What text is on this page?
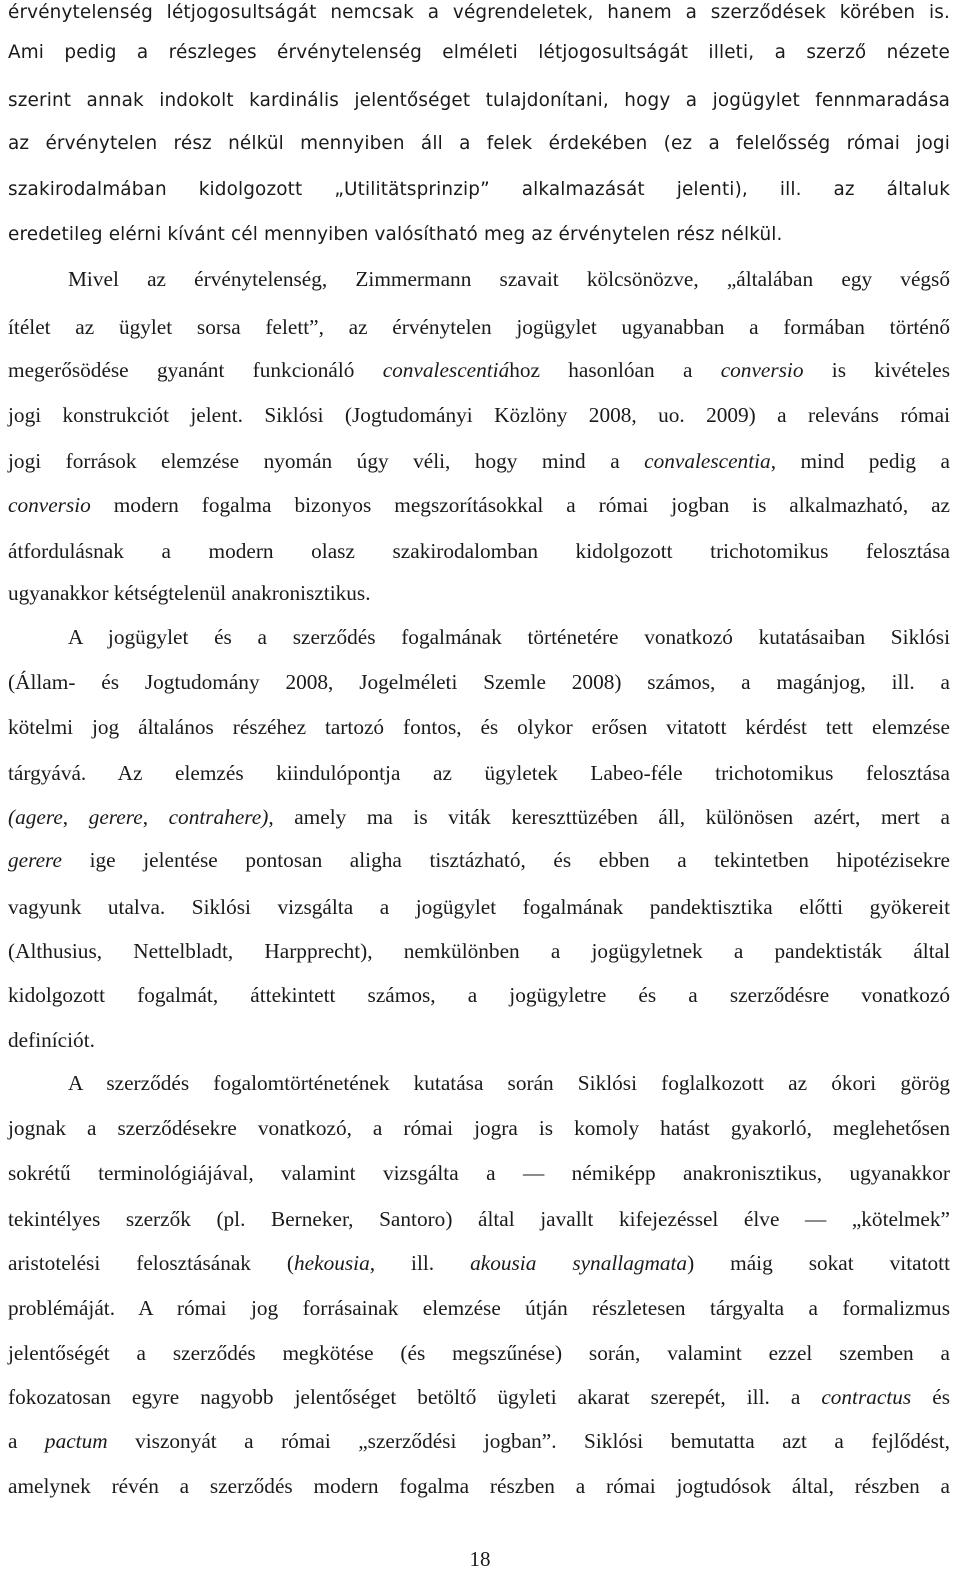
érvénytelenség létjogosultságát nemcsak a végrendeletek, hanem a szerződések körében is.
Ami pedig a részleges érvénytelenség elméleti létjogosultságát illeti, a szerző nézete
szerint annak indokolt kardinális jelentőséget tulajdonítani, hogy a jogügylet fennmaradása
az érvénytelen rész nélkül mennyiben áll a felek érdekében (ez a felelősség római jogi
szakirodalmában kidolgozott „Utilitätsprinzip” alkalmazását jelenti), ill. az általuk
eredetileg elérni kívánt cél mennyiben valósítható meg az érvénytelen rész nélkül.
Mivel az érvénytelenség, Zimmermann szavait kölcsönözve, „általában egy végső
ítélet az ügylet sorsa felett”, az érvénytelen jogügylet ugyanabban a formában történő
megerősödése gyanánt funkcionáló convalescentiához hasonlóan a conversio is kivételes
jogi konstrukciót jelent. Siklósi (Jogtudományi Közlöny 2008, uo. 2009) a releváns római
jogi források elemzése nyomán úgy véli, hogy mind a convalescentia, mind pedig a
conversio modern fogalma bizonyos megszorításokkal a római jogban is alkalmazható, az
átfordulásnak a modern olasz szakirodalomban kidolgozott trichotomikus felosztása
ugyanakkor kétségtelenül anakronisztikus.
A jogügylet és a szerződés fogalmának történetére vonatkozó kutatásaiban Siklósi
(Állam- és Jogtudomány 2008, Jogelméleti Szemle 2008) számos, a magánjog, ill. a
kötelmi jog általános részéhez tartozó fontos, és olykor erősen vitatott kérdést tett elemzése
tárgyává. Az elemzés kiindulópontja az ügyletek Labeo-féle trichotomikus felosztása
(agere, gerere, contrahere), amely ma is viták kereszttüzében áll, különösen azért, mert a
gerere ige jelentése pontosan aligha tisztázható, és ebben a tekintetben hipotézisekre
vagyunk utalva. Siklósi vizsgálta a jogügylet fogalmának pandektisztika előtti gyökereit
(Althusius, Nettelbladt, Harpprecht), nemkülönben a jogügyletnek a pandektisták által
kidolgozott fogalmát, áttekintett számos, a jogügyletre és a szerződésre vonatkozó
definíciót.
A szerződés fogalomtörténetének kutatása során Siklósi foglalkozott az ókori görög
jognak a szerződésekre vonatkozó, a római jogra is komoly hatást gyakorló, meglehetősen
sokrétű terminológiájával, valamint vizsgálta a — némiképp anakronisztikus, ugyanakkor
tekintélyes szerzők (pl. Berneker, Santoro) által javallt kifejezéssel élve — „kötelmek”
aristotelési felosztásának (hekousia, ill. akousia synallagmata) máig sokat vitatott
problémáját. A római jog forrásainak elemzése útján részletesen tárgyalta a formalizmus
jelentőségét a szerződés megkötése (és megszűnése) során, valamint ezzel szemben a
fokozatosan egyre nagyobb jelentőséget betöltő ügyleti akarat szerepét, ill. a contractus és
a pactum viszonyát a római „szerződési jogban”. Siklósi bemutatta azt a fejlődést,
amelynek révén a szerződés modern fogalma részben a római jogtudósok által, részben a
18
